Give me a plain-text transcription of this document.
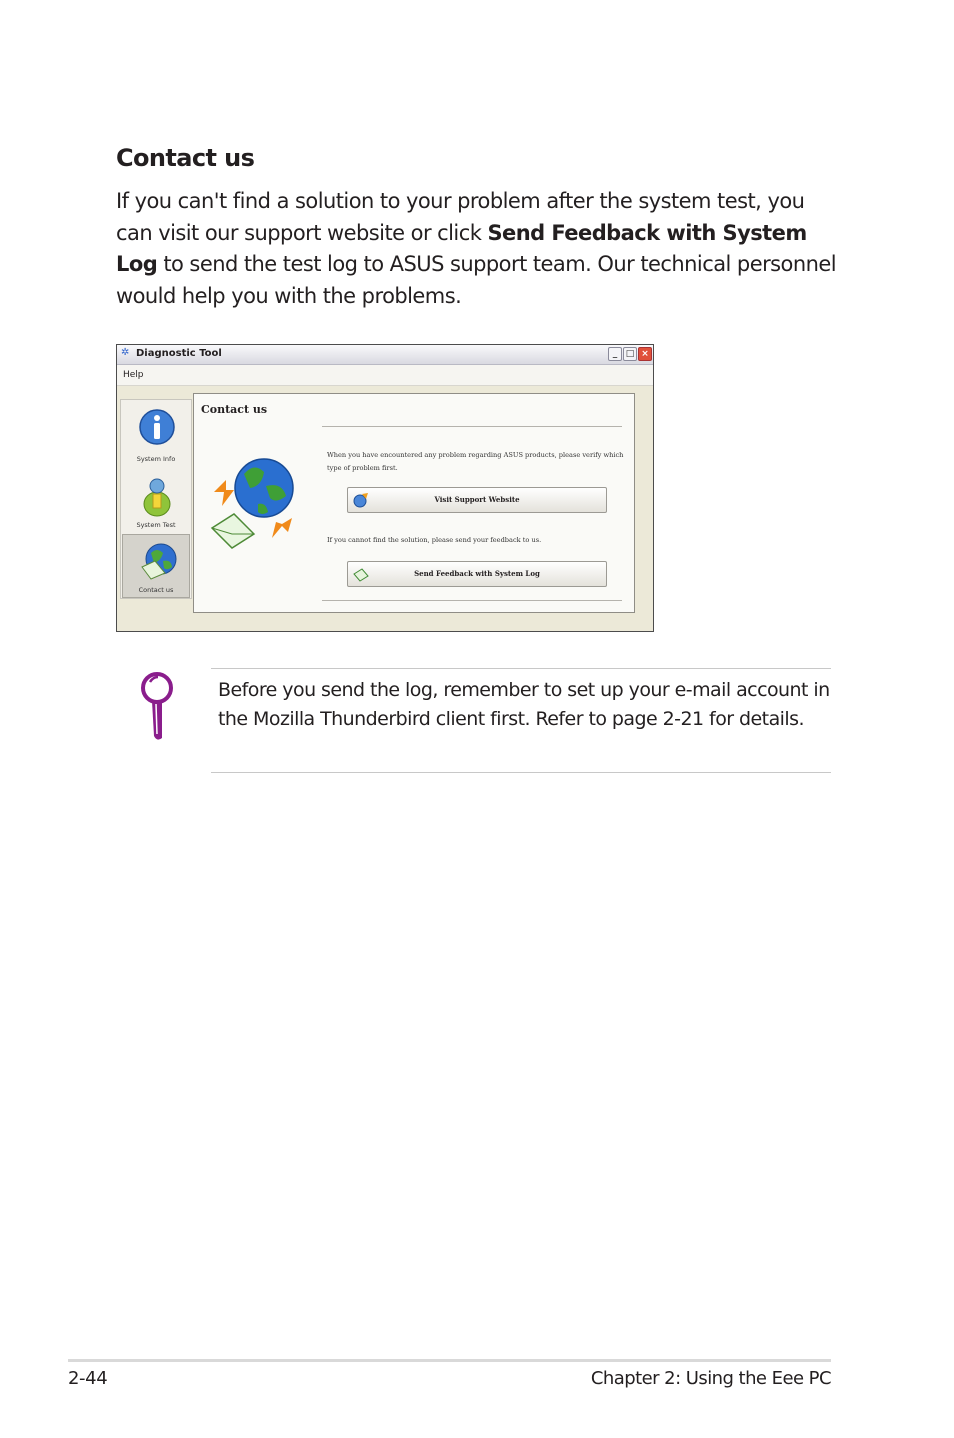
Contact us

If you can't find a solution to your problem after the system test, you can visit our support website or click Send Feedback with System Log to send the test log to ASUS support team. Our technical personnel would help you with the problems.

✲ Diagnostic Tool	_ □ ×
Help
System Info
System Test
Contact us
Contact us
When you have encountered any problem regarding ASUS products, please verify which type of problem first.
Visit Support Website
If you cannot find the solution, please send your feedback to us.
Send Feedback with System Log

Before you send the log, remember to set up your e-mail account in the Mozilla Thunderbird client first. Refer to page 2-21 for details.

2-44	Chapter 2: Using the Eee PC
